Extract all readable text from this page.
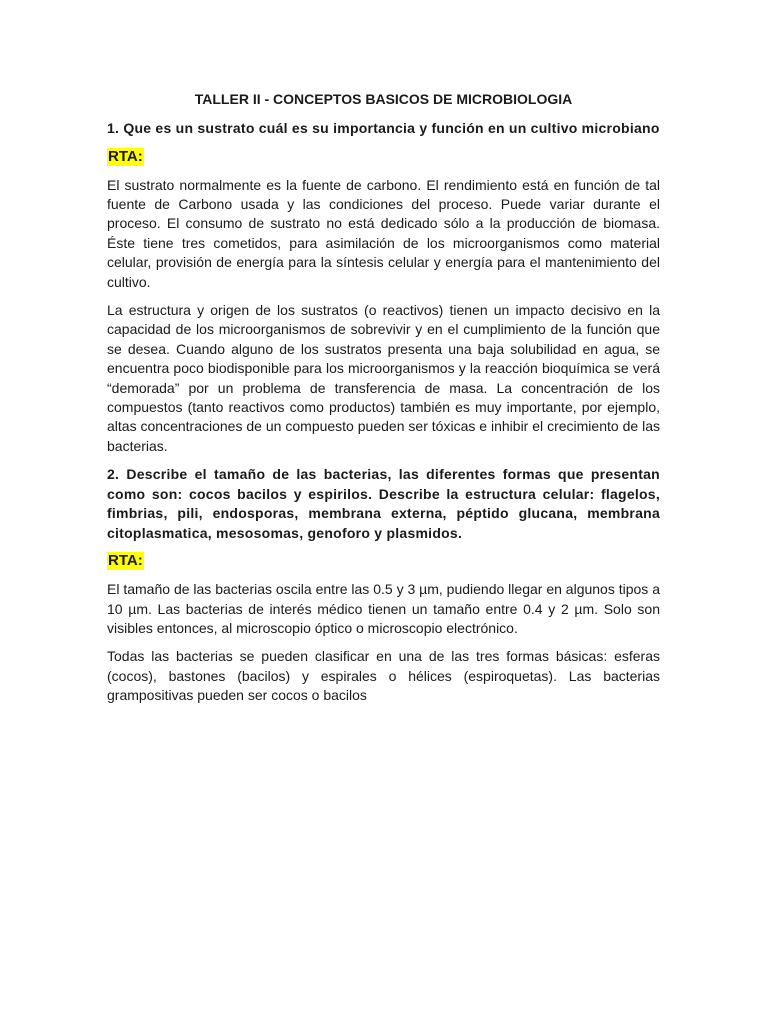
TALLER II - CONCEPTOS BASICOS DE MICROBIOLOGIA
1. Que es un sustrato cuál es su importancia y función en un cultivo microbiano
RTA:

El sustrato normalmente es la fuente de carbono. El rendimiento está en función de tal fuente de Carbono usada y las condiciones del proceso. Puede variar durante el proceso. El consumo de sustrato no está dedicado sólo a la producción de biomasa. Éste tiene tres cometidos, para asimilación de los microorganismos como material celular, provisión de energía para la síntesis celular y energía para el mantenimiento del cultivo.

La estructura y origen de los sustratos (o reactivos) tienen un impacto decisivo en la capacidad de los microorganismos de sobrevivir y en el cumplimiento de la función que se desea. Cuando alguno de los sustratos presenta una baja solubilidad en agua, se encuentra poco biodisponible para los microorganismos y la reacción bioquímica se verá “demorada” por un problema de transferencia de masa. La concentración de los compuestos (tanto reactivos como productos) también es muy importante, por ejemplo, altas concentraciones de un compuesto pueden ser tóxicas e inhibir el crecimiento de las bacterias.

2. Describe el tamaño de las bacterias, las diferentes formas que presentan como son: cocos bacilos y espirilos. Describe la estructura celular: flagelos, fimbrias, pili, endosporas, membrana externa, péptido glucana, membrana citoplasmatica, mesosomas, genoforo y plasmidos.
RTA:

El tamaño de las bacterias oscila entre las 0.5 y 3 µm, pudiendo llegar en algunos tipos a 10 µm. Las bacterias de interés médico tienen un tamaño entre 0.4 y 2 µm. Solo son visibles entonces, al microscopio óptico o microscopio electrónico.

Todas las bacterias se pueden clasificar en una de las tres formas básicas: esferas (cocos), bastones (bacilos) y espirales o hélices (espiroquetas). Las bacterias grampositivas pueden ser cocos o bacilos
